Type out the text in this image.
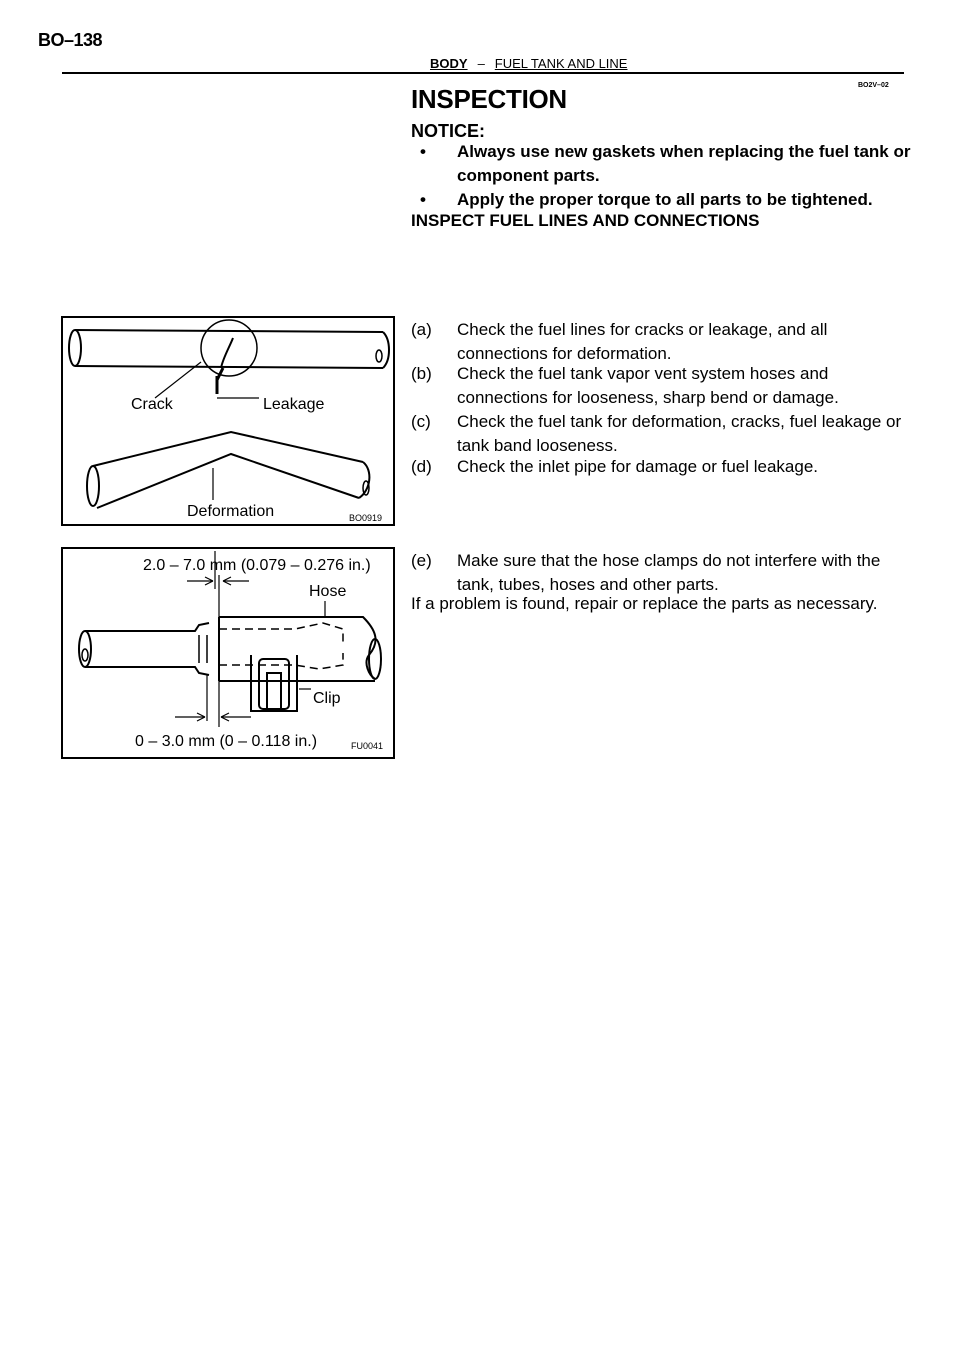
BO–138
BODY – FUEL TANK AND LINE
BO2V–02
INSPECTION
NOTICE:
• Always use new gaskets when replacing the fuel tank or component parts.
• Apply the proper torque to all parts to be tightened.
INSPECT FUEL LINES AND CONNECTIONS
Crack	Leakage
Deformation	BO0919
2.0 – 7.0 mm (0.079 – 0.276 in.)
Hose
Clip
0 – 3.0 mm (0 – 0.118 in.)	FU0041
(a) Check the fuel lines for cracks or leakage, and all connections for deformation.
(b) Check the fuel tank vapor vent system hoses and connections for looseness, sharp bend or damage.
(c) Check the fuel tank for deformation, cracks, fuel leakage or tank band looseness.
(d) Check the inlet pipe for damage or fuel leakage.
(e) Make sure that the hose clamps do not interfere with the tank, tubes, hoses and other parts.
If a problem is found, repair or replace the parts as necessary.
